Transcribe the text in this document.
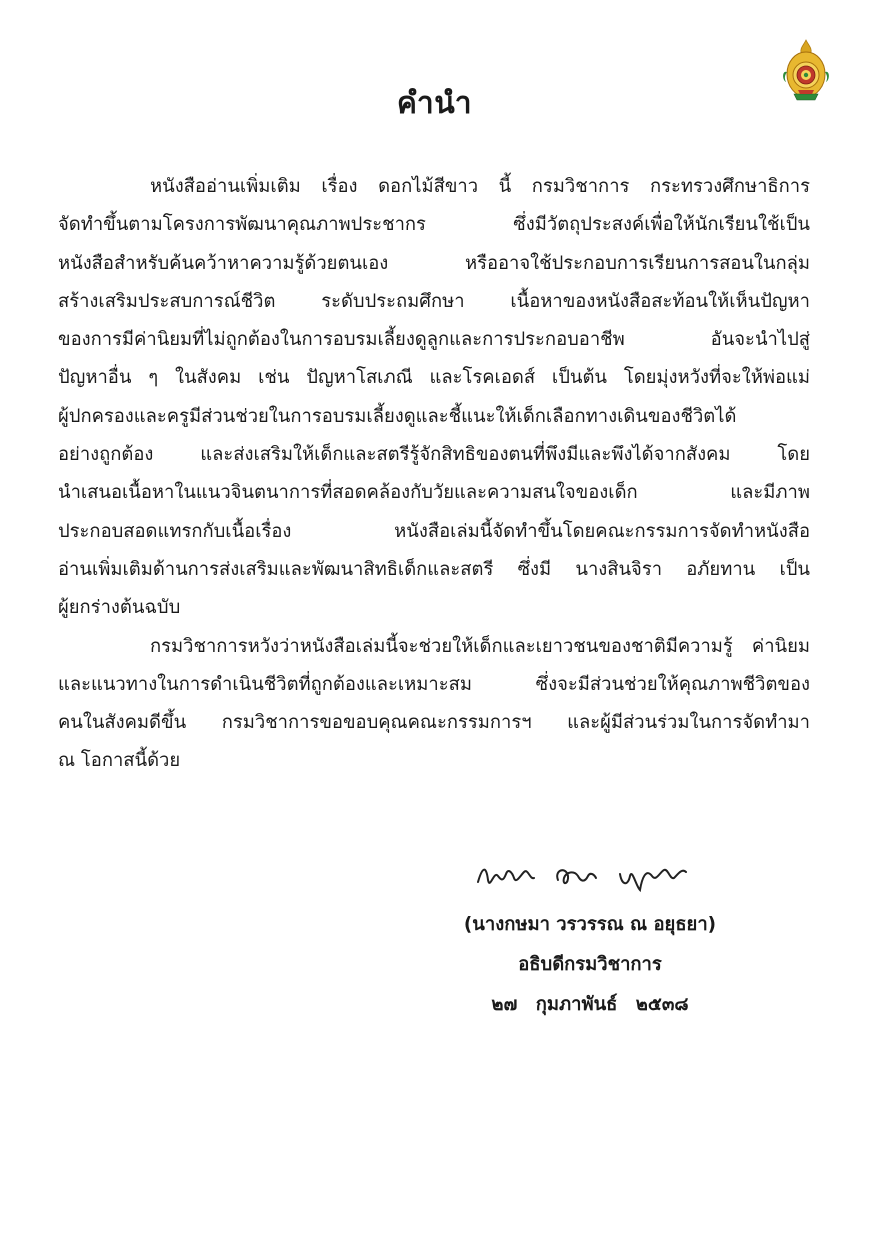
คำนำ
หนังสืออ่านเพิ่มเติม เรื่อง ดอกไม้สีขาว นี้ กรมวิชาการ กระทรวงศึกษาธิการ
จัดทำขึ้นตามโครงการพัฒนาคุณภาพประชากร ซึ่งมีวัตถุประสงค์เพื่อให้นักเรียนใช้เป็น
หนังสือสำหรับค้นคว้าหาความรู้ด้วยตนเอง หรืออาจใช้ประกอบการเรียนการสอนในกลุ่ม
สร้างเสริมประสบการณ์ชีวิต ระดับประถมศึกษา เนื้อหาของหนังสือสะท้อนให้เห็นปัญหา
ของการมีค่านิยมที่ไม่ถูกต้องในการอบรมเลี้ยงดูลูกและการประกอบอาชีพ อันจะนำไปสู่
ปัญหาอื่น ๆ ในสังคม เช่น ปัญหาโสเภณี และโรคเอดส์ เป็นต้น โดยมุ่งหวังที่จะให้พ่อแม่
ผู้ปกครองและครูมีส่วนช่วยในการอบรมเลี้ยงดูและชี้แนะให้เด็กเลือกทางเดินของชีวิตได้
อย่างถูกต้อง และส่งเสริมให้เด็กและสตรีรู้จักสิทธิของตนที่พึงมีและพึงได้จากสังคม โดย
นำเสนอเนื้อหาในแนวจินตนาการที่สอดคล้องกับวัยและความสนใจของเด็ก และมีภาพ
ประกอบสอดแทรกกับเนื้อเรื่อง หนังสือเล่มนี้จัดทำขึ้นโดยคณะกรรมการจัดทำหนังสือ
อ่านเพิ่มเติมด้านการส่งเสริมและพัฒนาสิทธิเด็กและสตรี ซึ่งมี นางสินจิรา อภัยทาน เป็น
ผู้ยกร่างต้นฉบับ
กรมวิชาการหวังว่าหนังสือเล่มนี้จะช่วยให้เด็กและเยาวชนของชาติมีความรู้ ค่านิยม
และแนวทางในการดำเนินชีวิตที่ถูกต้องและเหมาะสม ซึ่งจะมีส่วนช่วยให้คุณภาพชีวิตของ
คนในสังคมดีขึ้น กรมวิชาการขอขอบคุณคณะกรรมการฯ และผู้มีส่วนร่วมในการจัดทำมา
ณ โอกาสนี้ด้วย
(นางกษมา วรวรรณ ณ อยุธยา)
อธิบดีกรมวิชาการ
๒๗ กุมภาพันธ์ ๒๕๓๘
